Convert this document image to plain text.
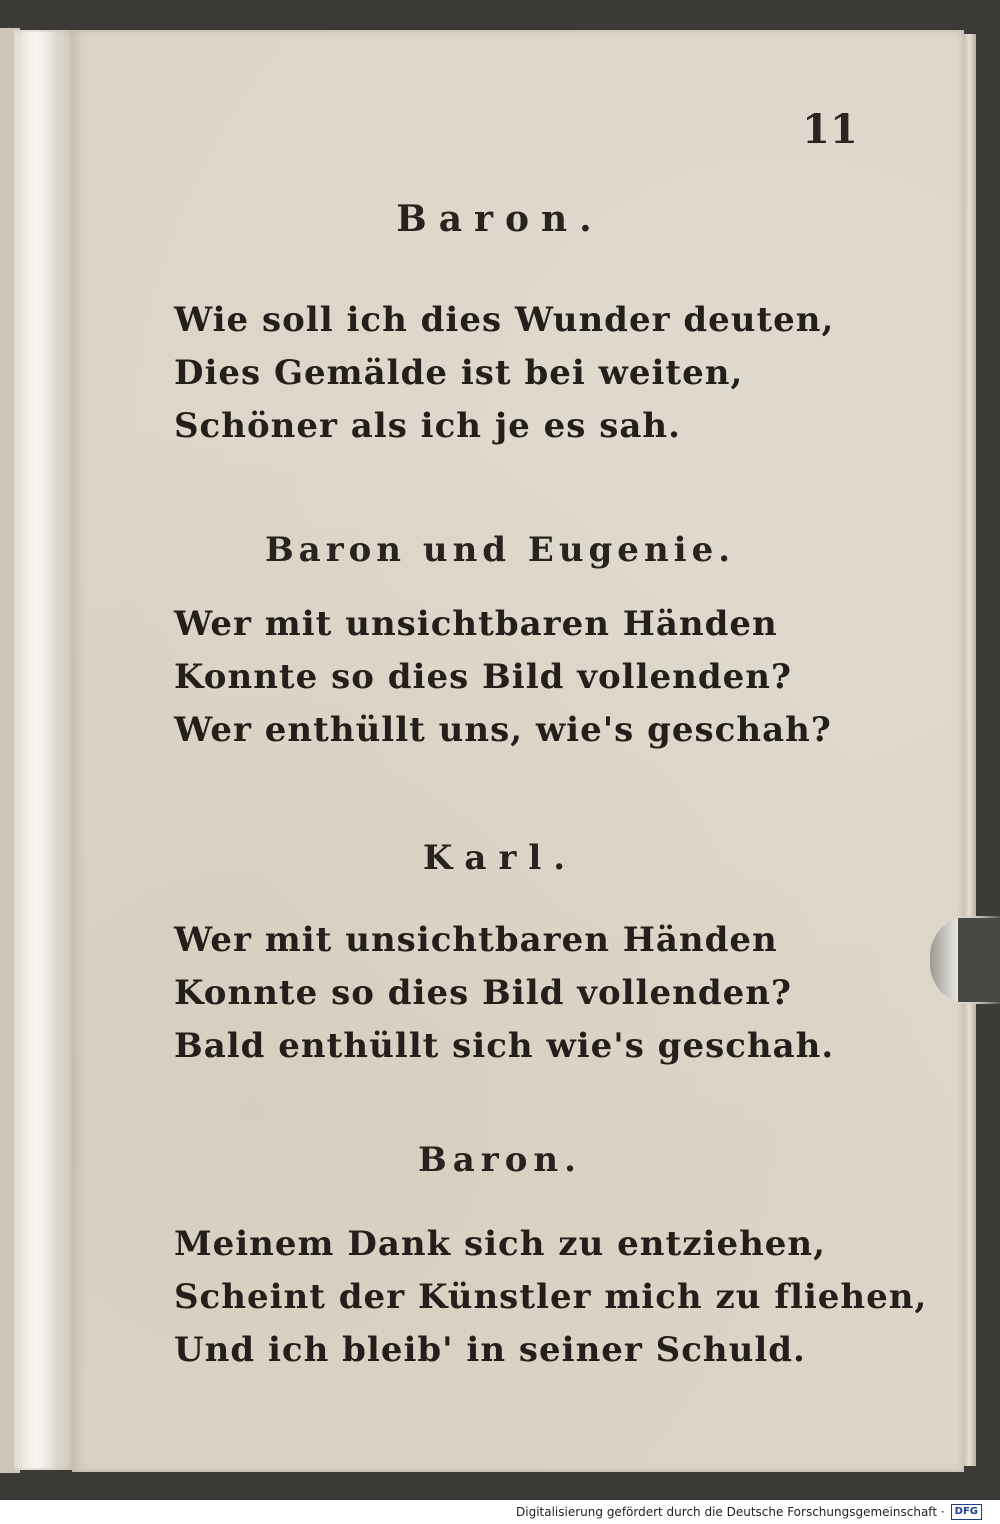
11
Baron.
Wie soll ich dies Wunder deuten,
Dies Gemälde ist bei weiten,
Schöner als ich je es sah.
Baron und Eugenie.
Wer mit unsichtbaren Händen
Konnte so dies Bild vollenden?
Wer enthüllt uns, wie's geschah?
Karl.
Wer mit unsichtbaren Händen
Konnte so dies Bild vollenden?
Bald enthüllt sich wie's geschah.
Baron.
Meinem Dank sich zu entziehen,
Scheint der Künstler mich zu fliehen,
Und ich bleib' in seiner Schuld.
Digitalisierung gefördert durch die Deutsche Forschungsgemeinschaft ·	DFG
